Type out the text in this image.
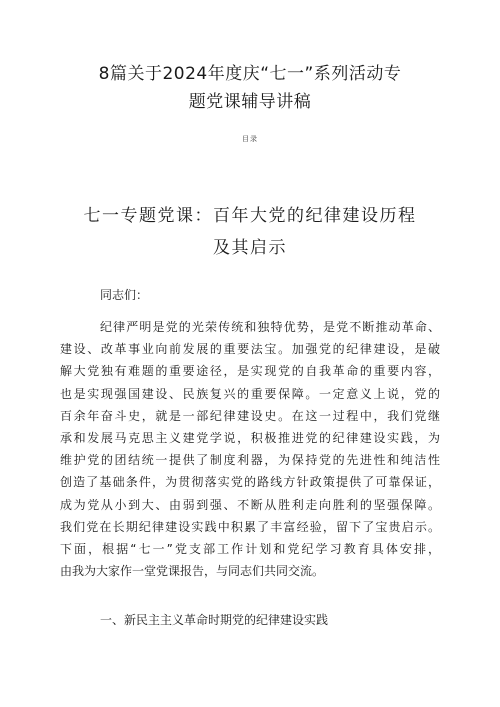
8篇关于2024年度庆“七一”系列活动专
题党课辅导讲稿
目录
七一专题党课：百年大党的纪律建设历程
及其启示
同志们：
纪律严明是党的光荣传统和独特优势，是党不断推动革命、
建设、改革事业向前发展的重要法宝。加强党的纪律建设，是破
解大党独有难题的重要途径，是实现党的自我革命的重要内容，
也是实现强国建设、民族复兴的重要保障。一定意义上说，党的
百余年奋斗史，就是一部纪律建设史。在这一过程中，我们党继
承和发展马克思主义建党学说，积极推进党的纪律建设实践，为
维护党的团结统一提供了制度利器，为保持党的先进性和纯洁性
创造了基础条件，为贯彻落实党的路线方针政策提供了可靠保证，
成为党从小到大、由弱到强、不断从胜利走向胜利的坚强保障。
我们党在长期纪律建设实践中积累了丰富经验，留下了宝贵启示。
下面，根据“七一”党支部工作计划和党纪学习教育具体安排，
由我为大家作一堂党课报告，与同志们共同交流。
一、新民主主义革命时期党的纪律建设实践
